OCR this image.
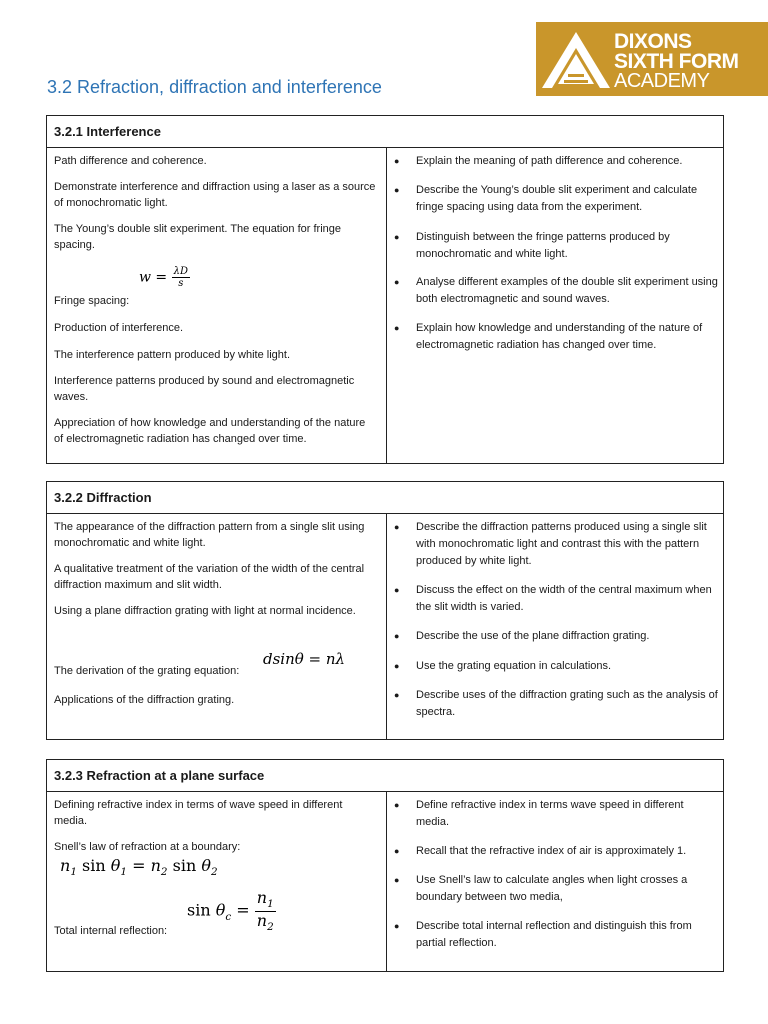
DIXONS
SIXTH FORM
ACADEMY
3.2 Refraction, diffraction and interference
3.2.1 Interference
Path difference and coherence.
Demonstrate interference and diffraction using a laser as a source of monochromatic light.
The Young’s double slit experiment. The equation for fringe spacing.
$w = \frac{\lambda D}{s}$
Fringe spacing:
Production of interference.
The interference pattern produced by white light.
Interference patterns produced by sound and electromagnetic waves.
Appreciation of how knowledge and understanding of the nature of electromagnetic radiation has changed over time.
● Explain the meaning of path difference and coherence.
● Describe the Young’s double slit experiment and calculate fringe spacing using data from the experiment.
● Distinguish between the fringe patterns produced by monochromatic and white light.
● Analyse different examples of the double slit experiment using both electromagnetic and sound waves.
● Explain how knowledge and understanding of the nature of electromagnetic radiation has changed over time.
3.2.2 Diffraction
The appearance of the diffraction pattern from a single slit using monochromatic and white light.
A qualitative treatment of the variation of the width of the central diffraction maximum and slit width.
Using a plane diffraction grating with light at normal incidence.
dsinθ = nλ
The derivation of the grating equation:
Applications of the diffraction grating.
● Describe the diffraction patterns produced using a single slit with monochromatic light and contrast this with the pattern produced by white light.
● Discuss the effect on the width of the central maximum when the slit width is varied.
● Describe the use of the plane diffraction grating.
● Use the grating equation in calculations.
● Describe uses of the diffraction grating such as the analysis of spectra.
3.2.3 Refraction at a plane surface
Defining refractive index in terms of wave speed in different media.
Snell’s law of refraction at a boundary:
$n_1$ $\sin \theta_1 = n_2$ $\sin \theta_2$
$\sin \theta_c = \frac{n_1}{n_2}$
Total internal reflection:
● Define refractive index in terms wave speed in different media.
● Recall that the refractive index of air is approximately 1.
● Use Snell’s law to calculate angles when light crosses a boundary between two media,
● Describe total internal reflection and distinguish this from partial reflection.
